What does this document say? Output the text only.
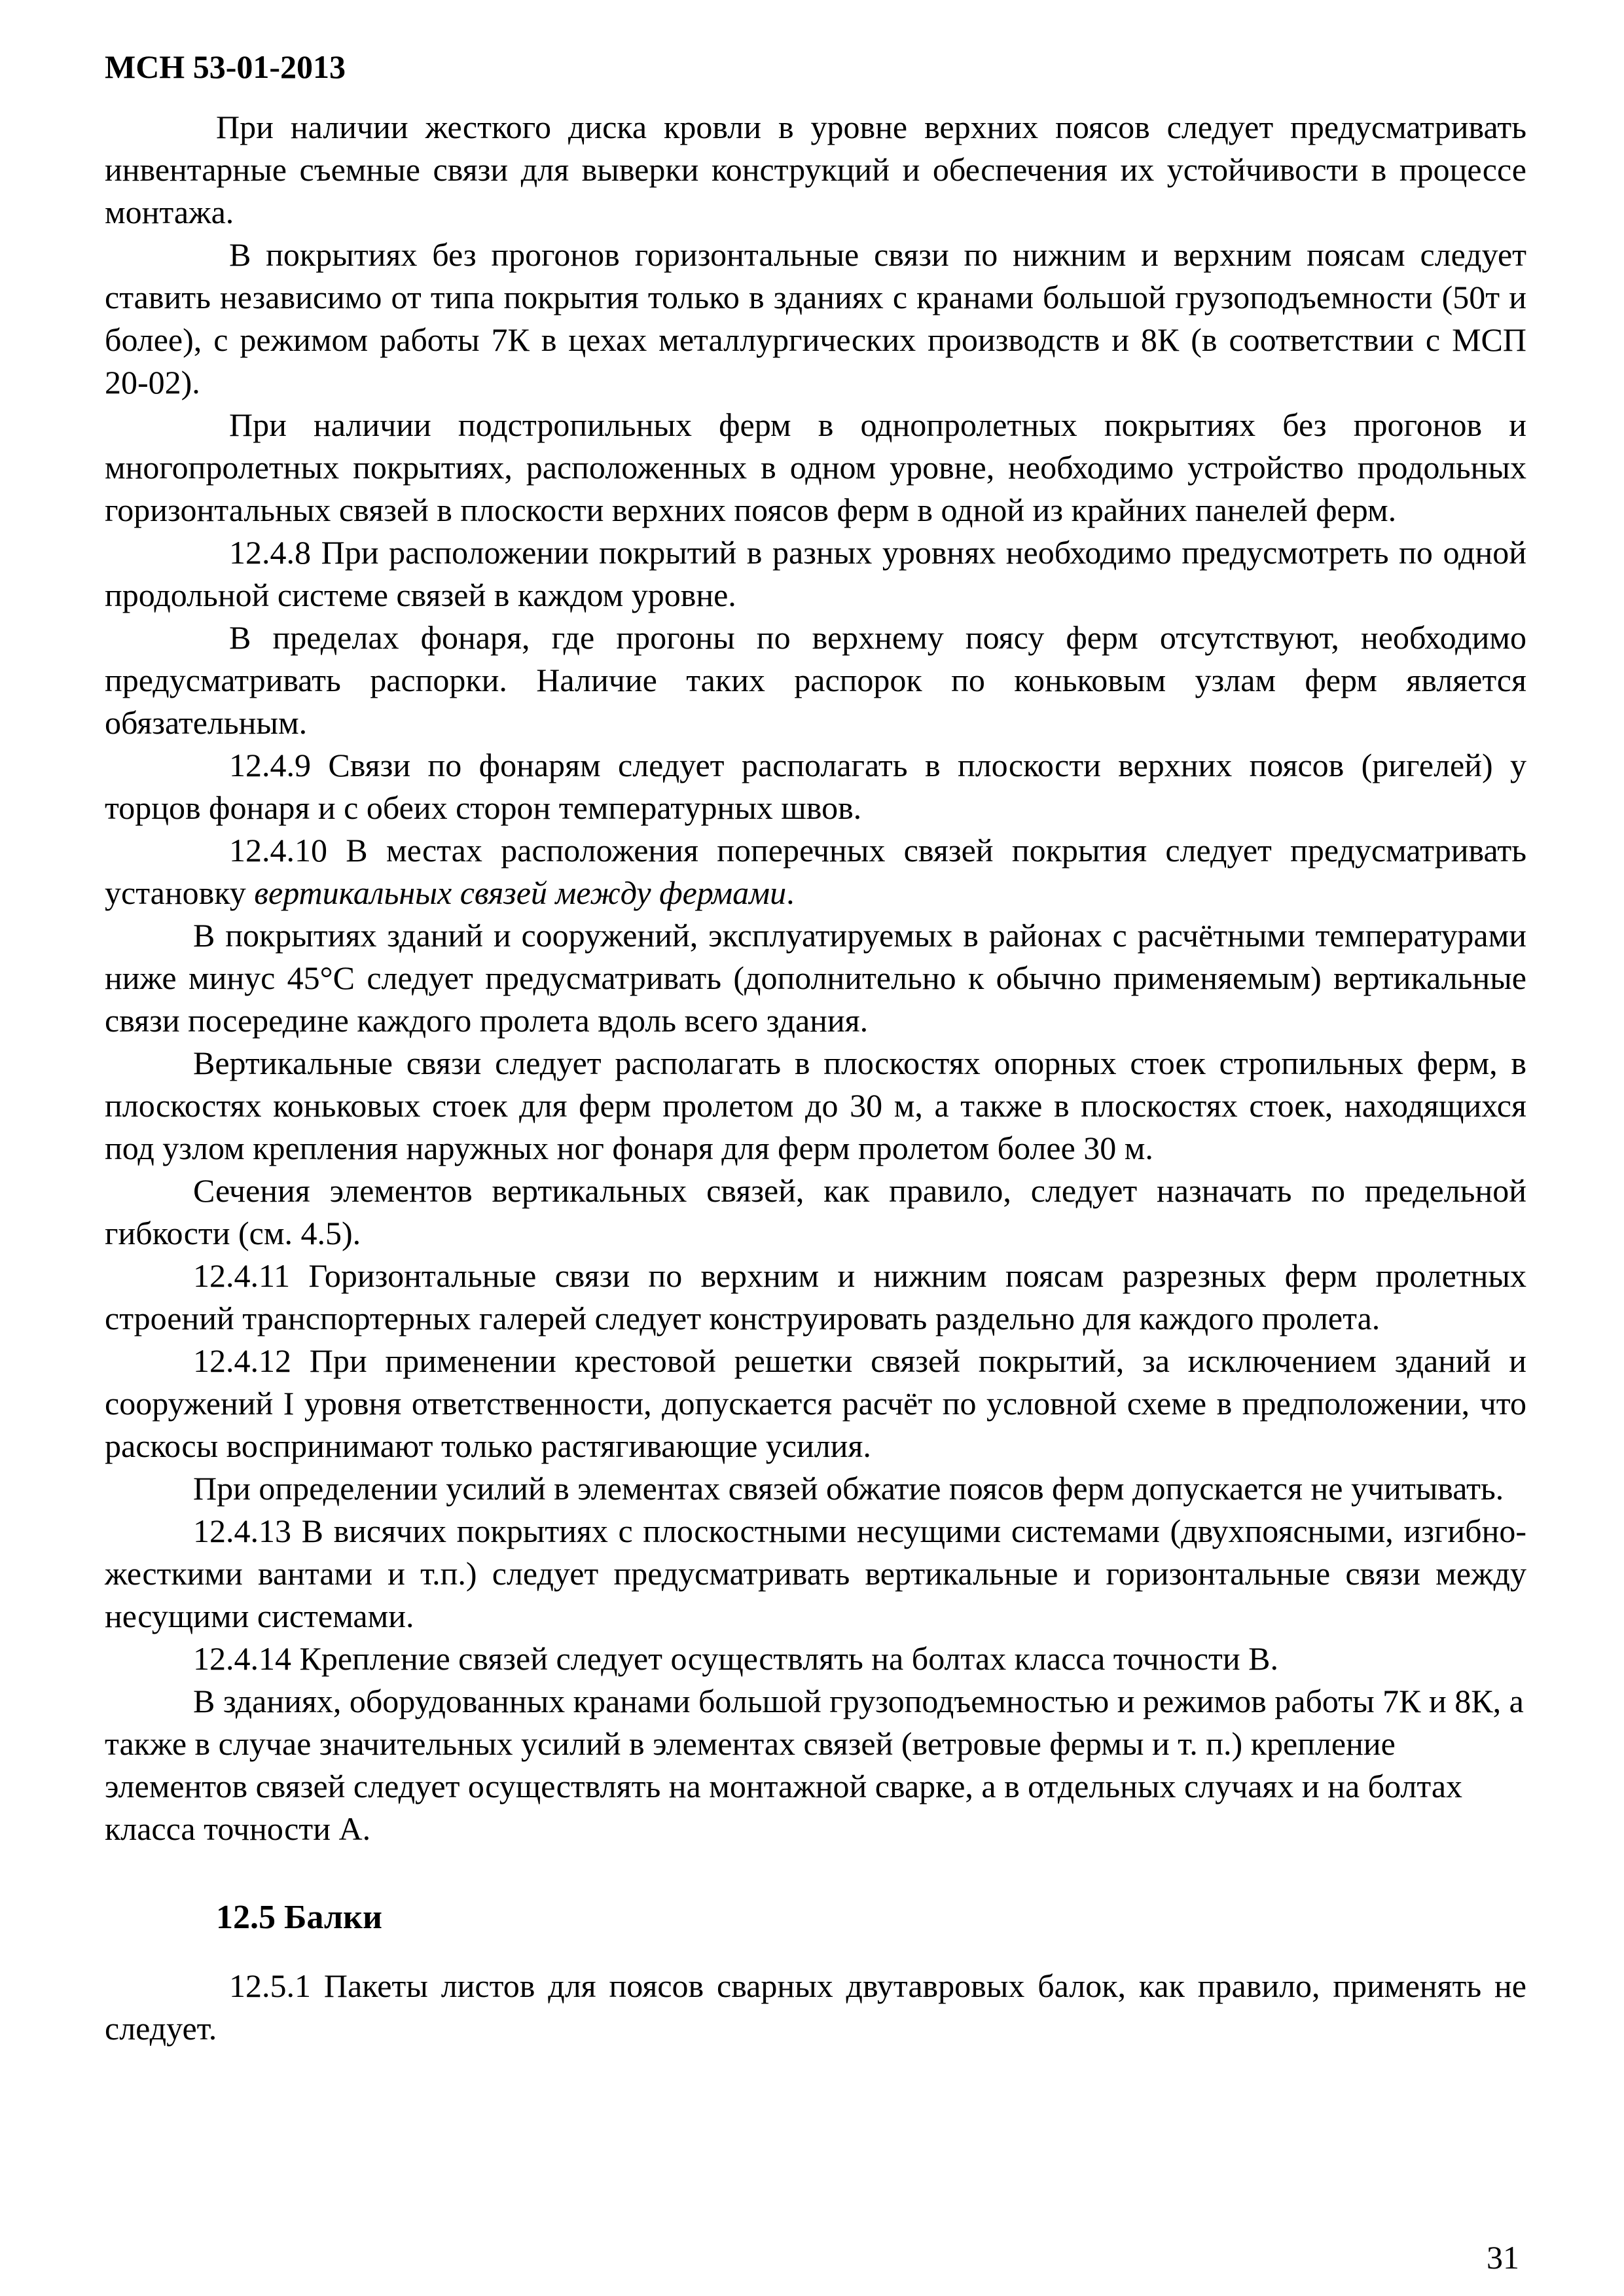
МСН 53-01-2013

При наличии жесткого диска кровли в уровне верхних поясов следует предусматривать инвентарные съемные связи для выверки конструкций и обеспечения их устойчивости в процессе монтажа.

В покрытиях без прогонов горизонтальные связи по нижним и верхним поясам следует ставить независимо от типа покрытия только в зданиях с кранами большой грузоподъемности (50т и более), с режимом работы 7К в цехах металлургических производств и 8К (в соответствии с МСП 20-02).

При наличии подстропильных ферм в однопролетных покрытиях без прогонов и многопролетных покрытиях, расположенных в одном уровне, необходимо устройство продольных горизонтальных связей в плоскости верхних поясов ферм в одной из крайних панелей ферм.

12.4.8 При расположении покрытий в разных уровнях необходимо предусмотреть по одной продольной системе связей в каждом уровне.

В пределах фонаря, где прогоны по верхнему поясу ферм отсутствуют, необходимо предусматривать распорки. Наличие таких распорок по коньковым узлам ферм является обязательным.

12.4.9 Связи по фонарям следует располагать в плоскости верхних поясов (ригелей) у торцов фонаря и с обеих сторон температурных швов.

12.4.10 В местах расположения поперечных связей покрытия следует предусматривать установку вертикальных связей между фермами.

В покрытиях зданий и сооружений, эксплуатируемых в районах с расчётными температурами ниже минус 45°С следует предусматривать (дополнительно к обычно применяемым) вертикальные связи посередине каждого пролета вдоль всего здания.

Вертикальные связи следует располагать в плоскостях опорных стоек стропильных ферм, в плоскостях коньковых стоек для ферм пролетом до 30 м, а также в плоскостях стоек, находящихся под узлом крепления наружных ног фонаря для ферм пролетом более 30 м.

Сечения элементов вертикальных связей, как правило, следует назначать по предельной гибкости (см. 4.5).

12.4.11 Горизонтальные связи по верхним и нижним поясам разрезных ферм пролетных строений транспортерных галерей следует конструировать раздельно для каждого пролета.

12.4.12 При применении крестовой решетки связей покрытий, за исключением зданий и сооружений I уровня ответственности, допускается расчёт по условной схеме в предположении, что раскосы воспринимают только растягивающие усилия.

При определении усилий в элементах связей обжатие поясов ферм допускается не учитывать.

12.4.13 В висячих покрытиях с плоскостными несущими системами (двухпоясными, изгибно-жесткими вантами и т.п.) следует предусматривать вертикальные и горизонтальные связи между несущими системами.

12.4.14 Крепление связей следует осуществлять на болтах класса точности В.

В зданиях, оборудованных кранами большой грузоподъемностью и режимов работы 7К и 8К, а также в случае значительных усилий в элементах связей (ветровые фермы и т. п.) крепление элементов связей следует осуществлять на монтажной сварке, а в отдельных случаях и на болтах класса точности А.

12.5 Балки

12.5.1 Пакеты листов для поясов сварных двутавровых балок, как правило, применять не следует.

31
